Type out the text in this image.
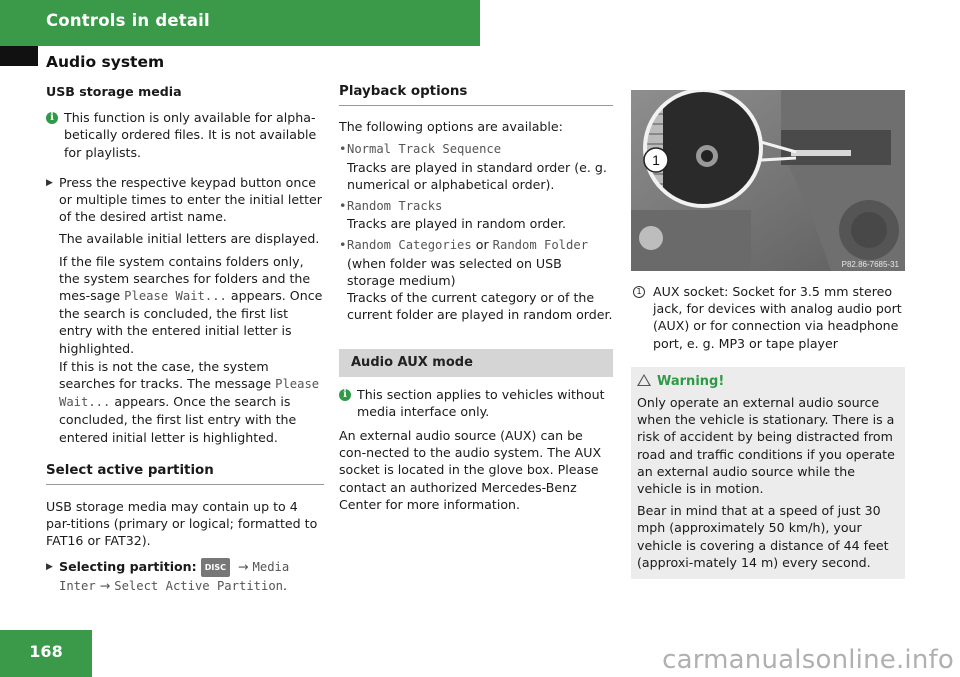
Controls in detail
Audio system
USB storage media
i This function is only available for alpha-betically ordered files. It is not available for playlists.

▶ Press the respective keypad button once or multiple times to enter the initial letter of the desired artist name.

The available initial letters are displayed.

If the file system contains folders only, the system searches for folders and the mes-sage Please Wait... appears. Once the search is concluded, the first list entry with the entered initial letter is highlighted.

If this is not the case, the system searches for tracks. The message Please Wait... appears. Once the search is concluded, the first list entry with the entered initial letter is highlighted.

Select active partition

USB storage media may contain up to 4 par-titions (primary or logical; formatted to FAT16 or FAT32).

▶ Selecting partition: DISC  → Media
Inter → Select Active Partition.

Playback options

The following options are available:

• Normal Track Sequence
Tracks are played in standard order (e. g. numerical or alphabetical order).
• Random Tracks
Tracks are played in random order.
• Random Categories or Random Folder
(when folder was selected on USB storage medium)
Tracks of the current category or of the current folder are played in random order.
Audio AUX mode
i This section applies to vehicles without media interface only.

An external audio source (AUX) can be con-nected to the audio system. The AUX socket is located in the glove box. Please contact an authorized Mercedes-Benz Center for more information.

1
P82.86-7685-31
1 AUX socket: Socket for 3.5 mm stereo jack, for devices with analog audio port (AUX) or for connection via headphone port, e. g. MP3 or tape player

Warning!

Only operate an external audio source when the vehicle is stationary. There is a risk of accident by being distracted from road and traffic conditions if you operate an external audio source while the vehicle is in motion.

Bear in mind that at a speed of just 30 mph (approximately 50 km/h), your vehicle is covering a distance of 44 feet (approxi-mately 14 m) every second.

168	carmanualsonline.info
